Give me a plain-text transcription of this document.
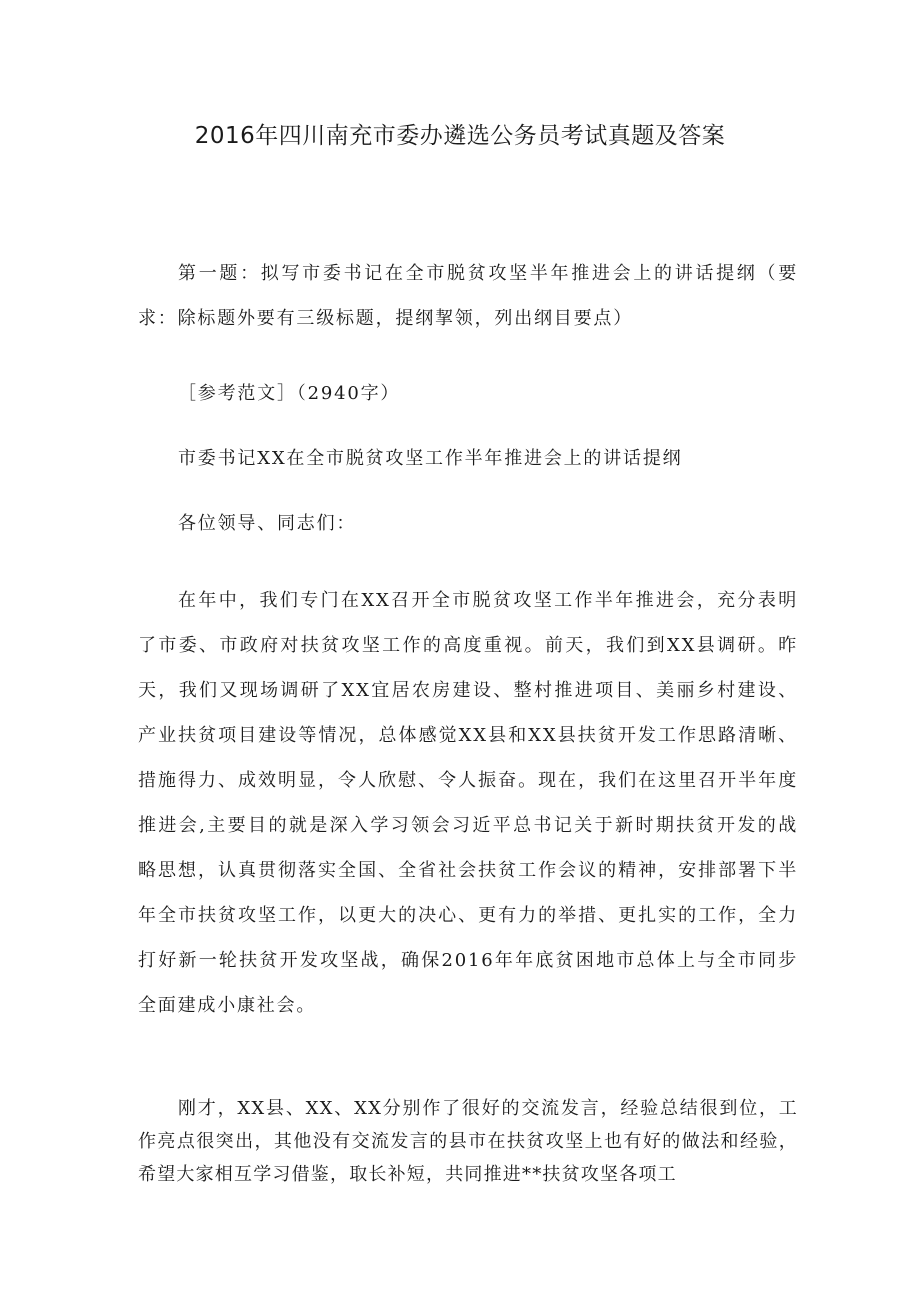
2016年四川南充市委办遴选公务员考试真题及答案

第一题：拟写市委书记在全市脱贫攻坚半年推进会上的讲话提纲（要求：除标题外要有三级标题，提纲挈领，列出纲目要点）

［参考范文］（2940字）

市委书记XX在全市脱贫攻坚工作半年推进会上的讲话提纲

各位领导、同志们：

在年中，我们专门在XX召开全市脱贫攻坚工作半年推进会，充分表明了市委、市政府对扶贫攻坚工作的高度重视。前天，我们到XX县调研。昨天，我们又现场调研了XX宜居农房建设、整村推进项目、美丽乡村建设、产业扶贫项目建设等情况，总体感觉XX县和XX县扶贫开发工作思路清晰、措施得力、成效明显，令人欣慰、令人振奋。现在，我们在这里召开半年度推进会,主要目的就是深入学习领会习近平总书记关于新时期扶贫开发的战略思想，认真贯彻落实全国、全省社会扶贫工作会议的精神，安排部署下半年全市扶贫攻坚工作，以更大的决心、更有力的举措、更扎实的工作，全力打好新一轮扶贫开发攻坚战，确保2016年年底贫困地市总体上与全市同步全面建成小康社会。

刚才，XX县、XX、XX分别作了很好的交流发言，经验总结很到位，工作亮点很突出，其他没有交流发言的县市在扶贫攻坚上也有好的做法和经验，希望大家相互学习借鉴，取长补短，共同推进**扶贫攻坚各项工
